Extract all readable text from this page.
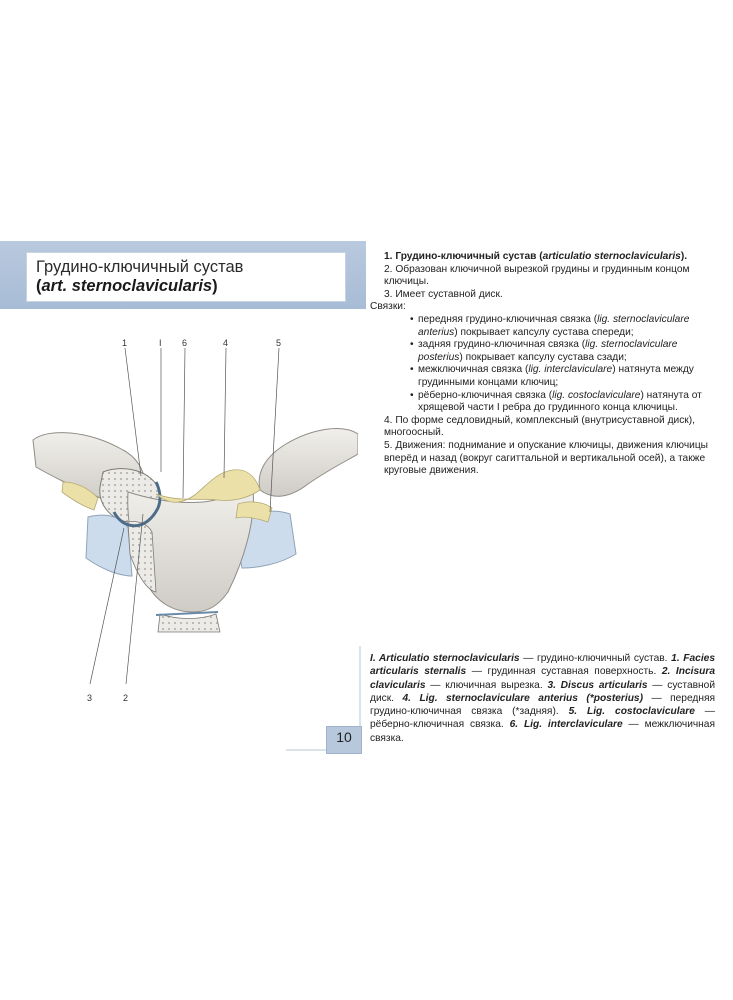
Грудино-ключичный сустав
(art. sternoclavicularis)
1	I 6	4	5
3	2
10

1. Грудино-ключичный сустав (articulatio sternoclavicularis).

2. Образован ключичной вырезкой грудины и грудинным концом ключицы.

3. Имеет суставной диск.

Связки:

• передняя грудино-ключичная связка (lig. sternoclaviculare anterius) покрывает капсулу сустава спереди;
• задняя грудино-ключичная связка (lig. sternoclaviculare posterius) покрывает капсулу сустава сзади;
• межключичная связка (lig. interclaviculare) натянута между грудинными концами ключиц;
• рёберно-ключичная связка (lig. costoclaviculare) натянута от хрящевой части I ребра до грудинного конца ключицы.

4. По форме седловидный, комплексный (внутрисуставной диск), многоосный.

5. Движения: поднимание и опускание ключицы, движения ключицы вперёд и назад (вокруг сагиттальной и вертикальной осей), а также круговые движения.

I. Articulatio sternoclavicularis — грудино-ключичный сустав. 1. Facies articularis sternalis — грудинная суставная поверхность. 2. Incisura clavicularis — ключичная вырезка. 3. Discus articularis — суставной диск. 4. Lig. sternoclaviculare anterius (*posterius) — передняя грудино-ключичная связка (*задняя). 5. Lig. costoclaviculare — рёберно-ключичная связка. 6. Lig. interclaviculare — межключичная связка.
